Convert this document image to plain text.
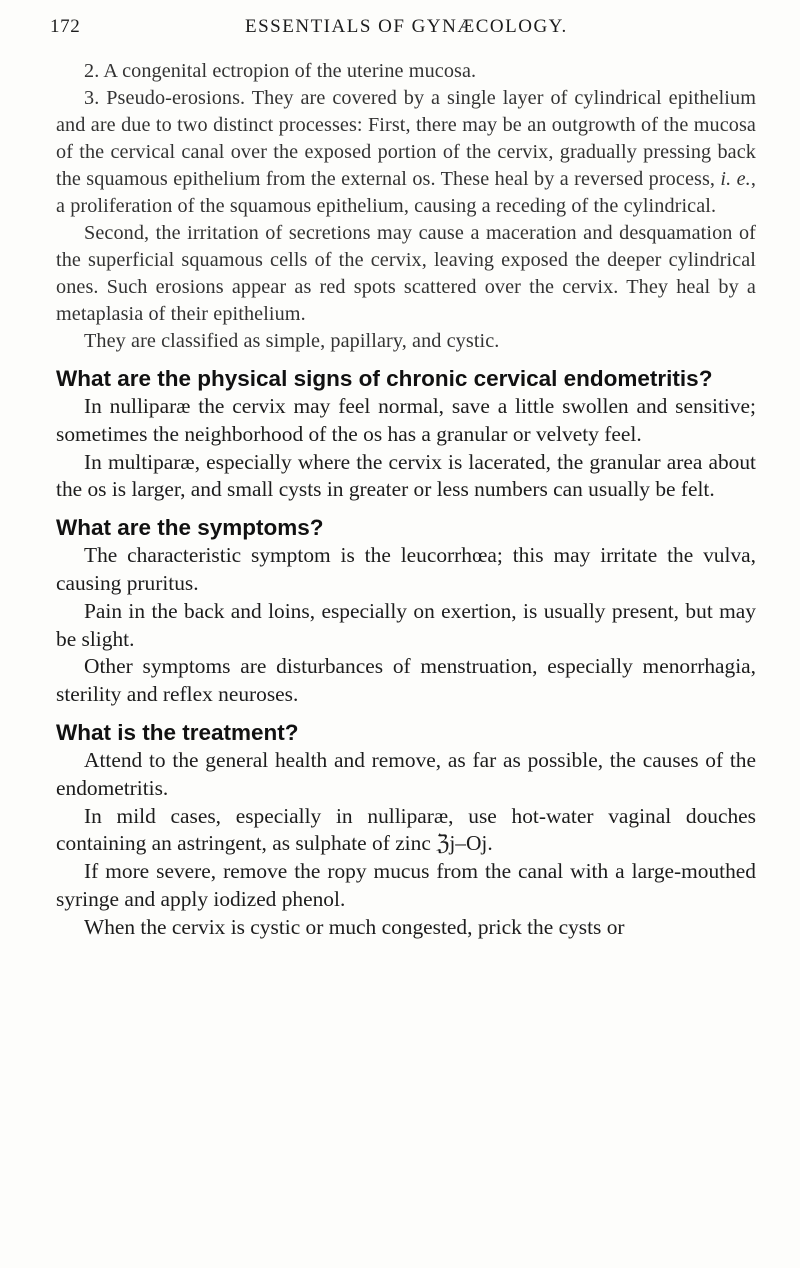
172	ESSENTIALS OF GYNÆCOLOGY.

2. A congenital ectropion of the uterine mucosa.

3. Pseudo-erosions. They are covered by a single layer of cylindrical epithelium and are due to two distinct processes: First, there may be an outgrowth of the mucosa of the cervical canal over the exposed portion of the cervix, gradually pressing back the squamous epithelium from the external os. These heal by a reversed process, i. e., a proliferation of the squamous epithelium, causing a receding of the cylindrical.

Second, the irritation of secretions may cause a maceration and desquamation of the superficial squamous cells of the cervix, leaving exposed the deeper cylindrical ones. Such erosions appear as red spots scattered over the cervix. They heal by a metaplasia of their epithelium.

They are classified as simple, papillary, and cystic.

What are the physical signs of chronic cervical endometritis?

In nulliparæ the cervix may feel normal, save a little swollen and sensitive; sometimes the neighborhood of the os has a granular or velvety feel.

In multiparæ, especially where the cervix is lacerated, the granular area about the os is larger, and small cysts in greater or less numbers can usually be felt.

What are the symptoms?

The characteristic symptom is the leucorrhœa; this may irritate the vulva, causing pruritus.

Pain in the back and loins, especially on exertion, is usually present, but may be slight.

Other symptoms are disturbances of menstruation, especially menorrhagia, sterility and reflex neuroses.

What is the treatment?

Attend to the general health and remove, as far as possible, the causes of the endometritis.

In mild cases, especially in nulliparæ, use hot-water vaginal douches containing an astringent, as sulphate of zinc ℨj–Oj.

If more severe, remove the ropy mucus from the canal with a large-mouthed syringe and apply iodized phenol.

When the cervix is cystic or much congested, prick the cysts or
